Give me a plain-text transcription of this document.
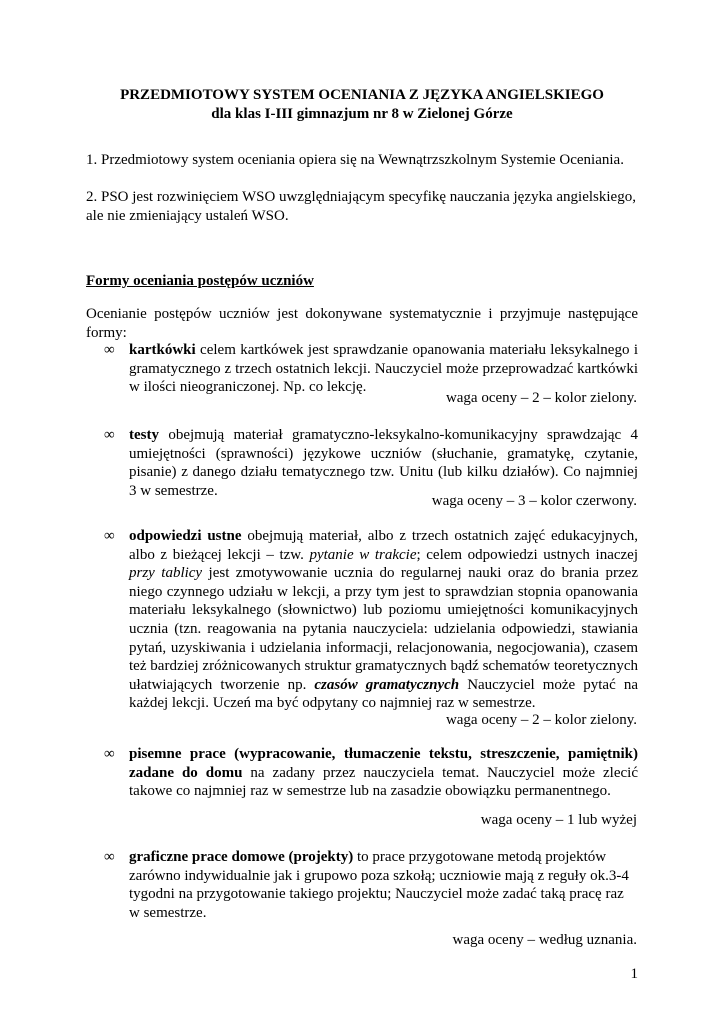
PRZEDMIOTOWY SYSTEM OCENIANIA Z JĘZYKA ANGIELSKIEGO
dla klas I-III gimnazjum nr 8 w Zielonej Górze
1. Przedmiotowy system oceniania opiera się na Wewnątrzszkolnym Systemie Oceniania.
2. PSO jest rozwinięciem WSO uwzględniającym specyfikę nauczania języka angielskiego, ale nie zmieniający ustaleń WSO.
Formy oceniania postępów uczniów
Ocenianie postępów uczniów jest dokonywane systematycznie i przyjmuje następujące formy:
∞ kartkówki celem kartkówek jest sprawdzanie opanowania materiału leksykalnego i gramatycznego z trzech ostatnich lekcji. Nauczyciel może przeprowadzać kartkówki w ilości nieograniczonej. Np. co lekcję.
waga oceny – 2 – kolor zielony.
∞ testy obejmują materiał gramatyczno-leksykalno-komunikacyjny sprawdzając 4 umiejętności (sprawności) językowe uczniów (słuchanie, gramatykę, czytanie, pisanie) z danego działu tematycznego tzw. Unitu (lub kilku działów). Co najmniej 3 w semestrze.
waga oceny – 3 – kolor czerwony.
∞ odpowiedzi ustne obejmują materiał, albo z trzech ostatnich zajęć edukacyjnych, albo z bieżącej lekcji – tzw. pytanie w trakcie; celem odpowiedzi ustnych inaczej przy tablicy jest zmotywowanie ucznia do regularnej nauki oraz do brania przez niego czynnego udziału w lekcji, a przy tym jest to sprawdzian stopnia opanowania materiału leksykalnego (słownictwo) lub poziomu umiejętności komunikacyjnych ucznia (tzn. reagowania na pytania nauczyciela: udzielania odpowiedzi, stawiania pytań, uzyskiwania i udzielania informacji, relacjonowania, negocjowania), czasem też bardziej zróżnicowanych struktur gramatycznych bądź schematów teoretycznych ułatwiających tworzenie np. czasów gramatycznych Nauczyciel może pytać na każdej lekcji. Uczeń ma być odpytany co najmniej raz w semestrze.
waga oceny – 2 – kolor zielony.
∞ pisemne prace (wypracowanie, tłumaczenie tekstu, streszczenie, pamiętnik) zadane do domu na zadany przez nauczyciela temat. Nauczyciel może zlecić takowe co najmniej raz w semestrze lub na zasadzie obowiązku permanentnego.
waga oceny – 1 lub wyżej
∞ graficzne prace domowe (projekty) to prace przygotowane metodą projektów zarówno indywidualnie jak i grupowo poza szkołą; uczniowie mają z reguły ok.3-4 tygodni na przygotowanie takiego projektu; Nauczyciel może zadać taką pracę raz w semestrze.
waga oceny – według uznania.
1
